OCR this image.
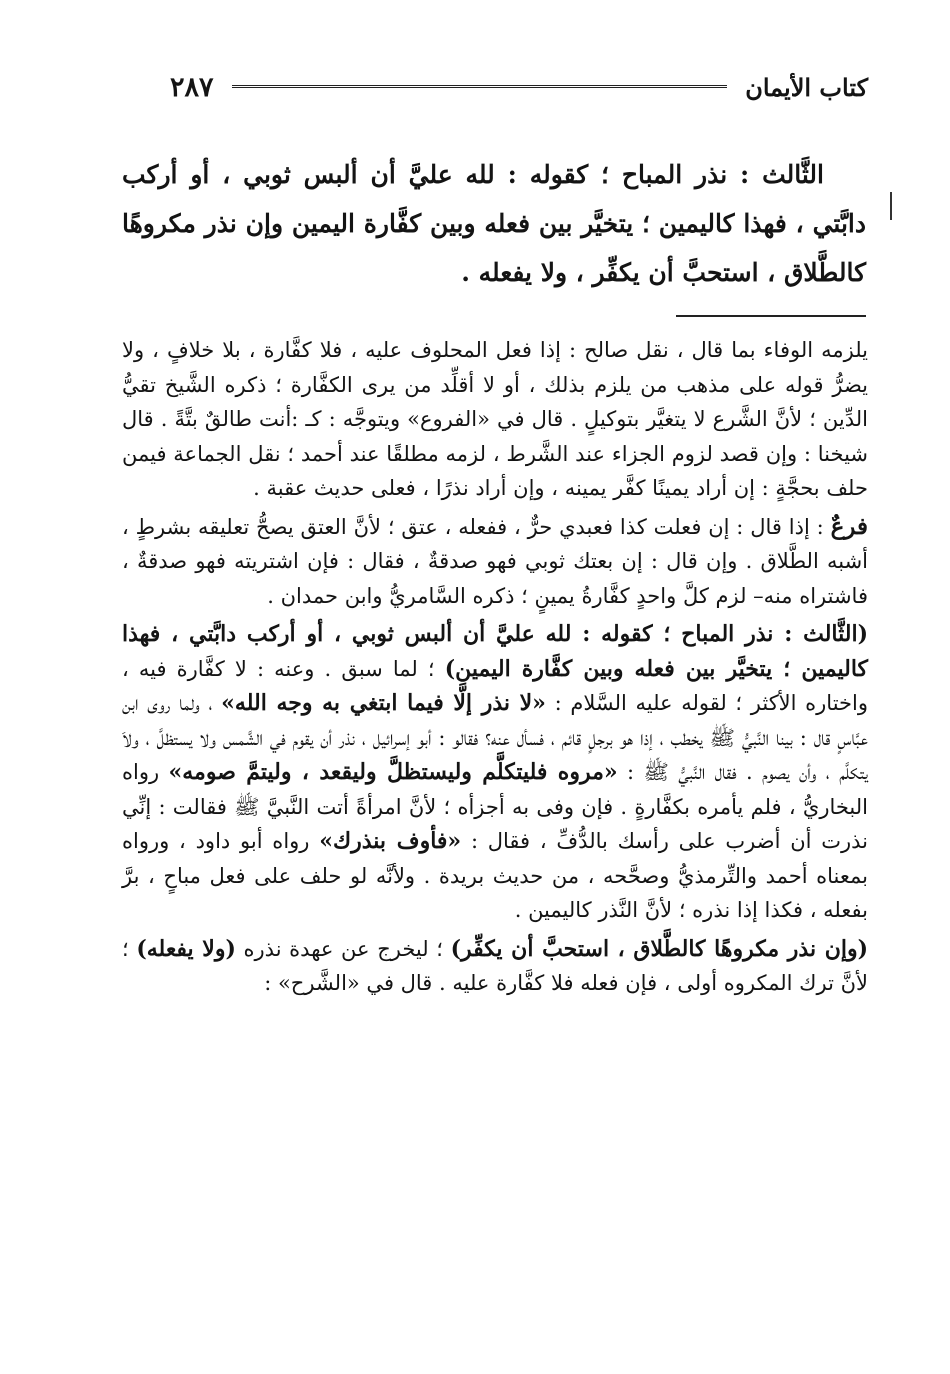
كتاب الأيمان
٢٨٧

الثَّالث : نذر المباح ؛ كقوله : لله عليَّ أن ألبس ثوبي ، أو أركب دابَّتي ، فهذا كاليمين ؛ يتخيَّر بين فعله وبين كفَّارة اليمين وإن نذر مكروهًا كالطَّلاق ، استحبَّ أن يكفِّر ، ولا يفعله .

يلزمه الوفاء بما قال ، نقل صالح : إذا فعل المحلوف عليه ، فلا كفَّارة ، بلا خلافٍ ، ولا يضرُّ قوله على مذهب من يلزم بذلك ، أو لا أقلِّد من يرى الكفَّارة ؛ ذكره الشَّيخ تقيُّ الدِّين ؛ لأنَّ الشَّرع لا يتغيَّر بتوكيلٍ . قال في «الفروع» ويتوجَّه : كـ :أنت طالقٌ بتَّةً . قال شيخنا : وإن قصد لزوم الجزاء عند الشَّرط ، لزمه مطلقًا عند أحمد ؛ نقل الجماعة فيمن حلف بحجَّةٍ : إن أراد يمينًا كفَّر يمينه ، وإن أراد نذرًا ، فعلى حديث عقبة .

فرعٌ : إذا قال : إن فعلت كذا فعبدي حرٌّ ، ففعله ، عتق ؛ لأنَّ العتق يصحُّ تعليقه بشرطٍ ، أشبه الطَّلاق . وإن قال : إن بعتك ثوبي فهو صدقةٌ ، فقال : فإن اشتريته فهو صدقةٌ ، فاشتراه منه– لزم كلَّ واحدٍ كفَّارةُ يمينٍ ؛ ذكره السَّامريُّ وابن حمدان .

(الثَّالث : نذر المباح ؛ كقوله : لله عليَّ أن ألبس ثوبي ، أو أركب دابَّتي ، فهذا كاليمين ؛ يتخيَّر بين فعله وبين كفَّارة اليمين) ؛ لما سبق . وعنه : لا كفَّارة فيه ، واختاره الأكثر ؛ لقوله عليه السَّلام : «لا نذر إلَّا فيما ابتغي به وجه الله» ، ولما روى ابن عبَّاسٍ قال : بينا النَّبيُّ ﷺ يخطب ، إذا هو برجلٍ قائم ، فسأل عنه؟ فقالو : أبو إسرائيل ، نذر أن يقوم في الشَّمس ولا يستظلَّ ، ولاَ يتكلَّم ، وأن يصوم . فقال النَّبيُّ ﷺ : «مروه فليتكلَّم وليستظلَّ وليقعد ، وليتمَّ صومه» رواه البخاريُّ ، فلم يأمره بكفَّارةٍ . فإن وفى به أجزأه ؛ لأنَّ امرأةً أتت النَّبيَّ ﷺ فقالت : إنِّي نذرت أن أضرب على رأسك بالدُّفِّ ، فقال : «فأوف بنذرك» رواه أبو داود ، ورواه بمعناه أحمد والتِّرمذيُّ وصحَّحه ، من حديث بريدة . ولأنَّه لو حلف على فعل مباحٍ ، برَّ بفعله ، فكذا إذا نذره ؛ لأنَّ النَّذر كاليمين .

(وإن نذر مكروهًا كالطَّلاق ، استحبَّ أن يكفِّر) ؛ ليخرج عن عهدة نذره (ولا يفعله) ؛ لأنَّ ترك المكروه أولى ، فإن فعله فلا كفَّارة عليه . قال في «الشَّرح» :
